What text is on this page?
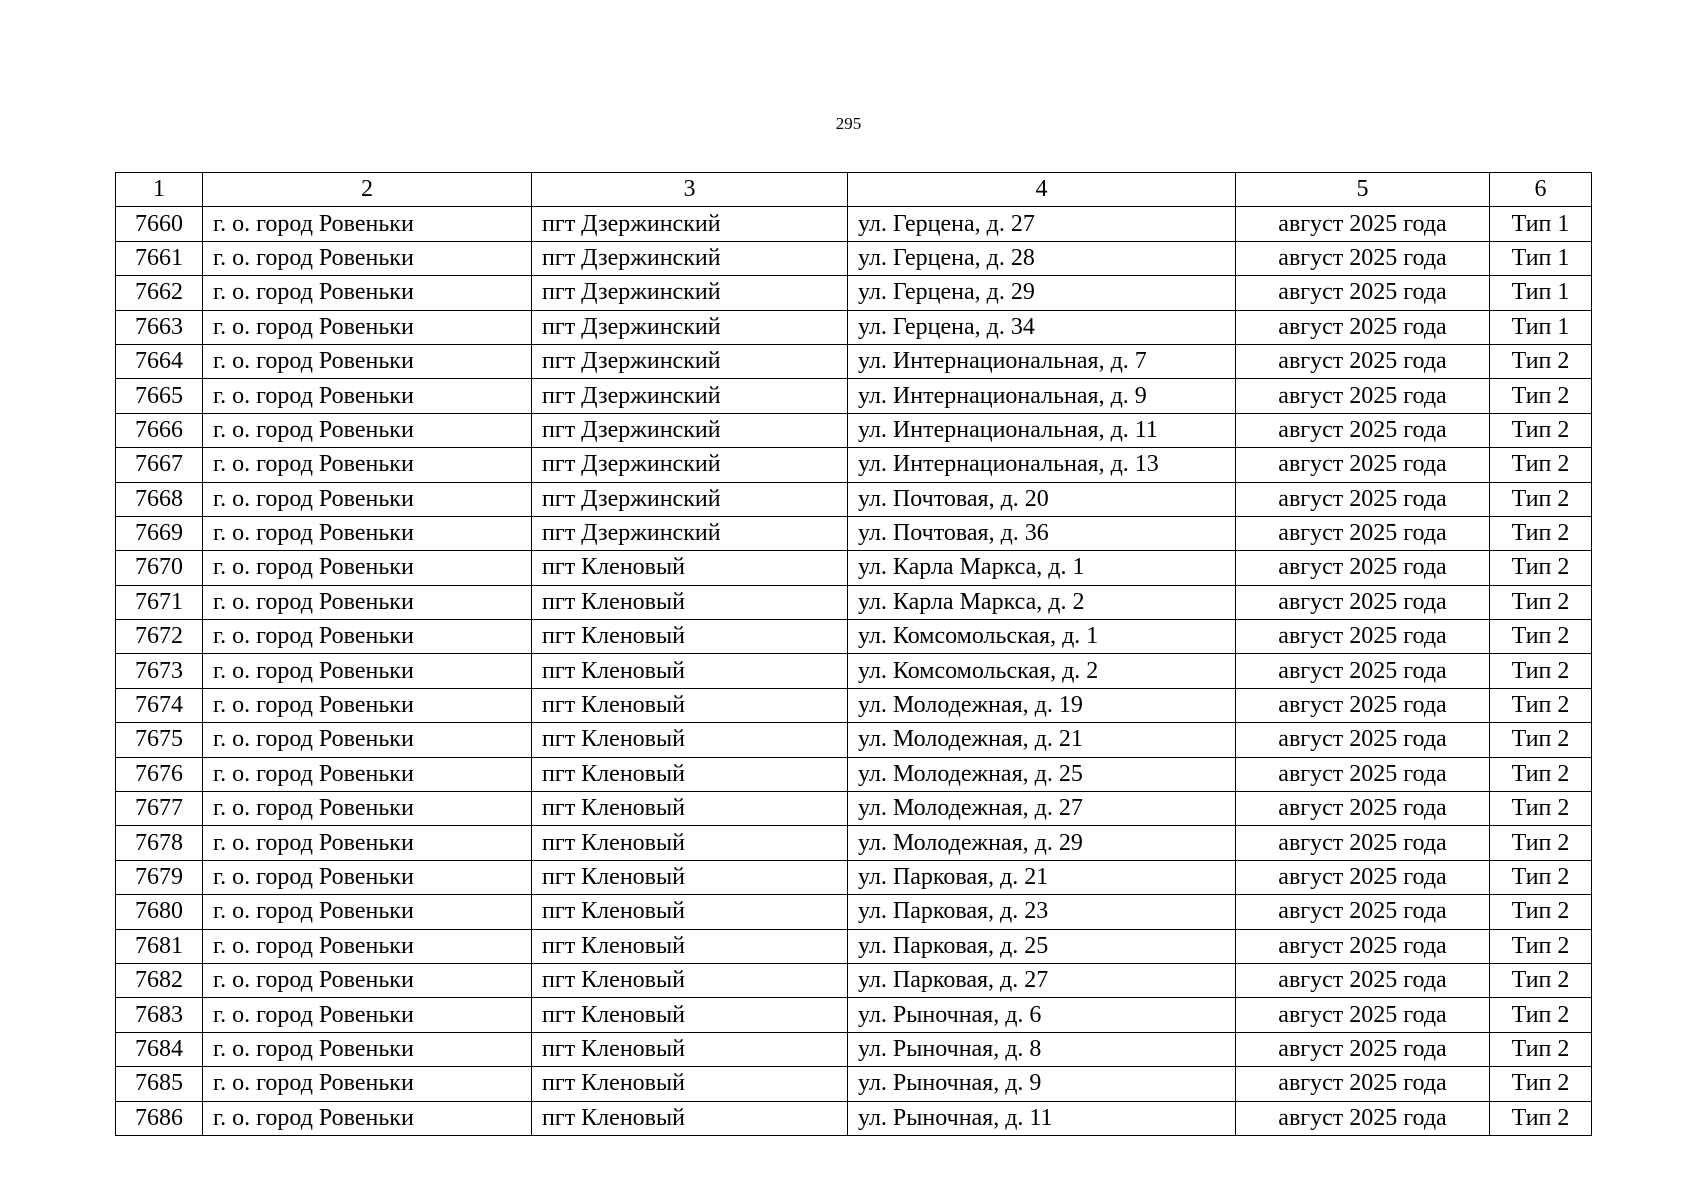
295
1	2	3	4	5	6
7660	г. о. город Ровеньки	пгт Дзержинский	ул. Герцена, д. 27	август 2025 года	Тип 1
7661	г. о. город Ровеньки	пгт Дзержинский	ул. Герцена, д. 28	август 2025 года	Тип 1
7662	г. о. город Ровеньки	пгт Дзержинский	ул. Герцена, д. 29	август 2025 года	Тип 1
7663	г. о. город Ровеньки	пгт Дзержинский	ул. Герцена, д. 34	август 2025 года	Тип 1
7664	г. о. город Ровеньки	пгт Дзержинский	ул. Интернациональная, д. 7	август 2025 года	Тип 2
7665	г. о. город Ровеньки	пгт Дзержинский	ул. Интернациональная, д. 9	август 2025 года	Тип 2
7666	г. о. город Ровеньки	пгт Дзержинский	ул. Интернациональная, д. 11	август 2025 года	Тип 2
7667	г. о. город Ровеньки	пгт Дзержинский	ул. Интернациональная, д. 13	август 2025 года	Тип 2
7668	г. о. город Ровеньки	пгт Дзержинский	ул. Почтовая, д. 20	август 2025 года	Тип 2
7669	г. о. город Ровеньки	пгт Дзержинский	ул. Почтовая, д. 36	август 2025 года	Тип 2
7670	г. о. город Ровеньки	пгт Кленовый	ул. Карла Маркса, д. 1	август 2025 года	Тип 2
7671	г. о. город Ровеньки	пгт Кленовый	ул. Карла Маркса, д. 2	август 2025 года	Тип 2
7672	г. о. город Ровеньки	пгт Кленовый	ул. Комсомольская, д. 1	август 2025 года	Тип 2
7673	г. о. город Ровеньки	пгт Кленовый	ул. Комсомольская, д. 2	август 2025 года	Тип 2
7674	г. о. город Ровеньки	пгт Кленовый	ул. Молодежная, д. 19	август 2025 года	Тип 2
7675	г. о. город Ровеньки	пгт Кленовый	ул. Молодежная, д. 21	август 2025 года	Тип 2
7676	г. о. город Ровеньки	пгт Кленовый	ул. Молодежная, д. 25	август 2025 года	Тип 2
7677	г. о. город Ровеньки	пгт Кленовый	ул. Молодежная, д. 27	август 2025 года	Тип 2
7678	г. о. город Ровеньки	пгт Кленовый	ул. Молодежная, д. 29	август 2025 года	Тип 2
7679	г. о. город Ровеньки	пгт Кленовый	ул. Парковая, д. 21	август 2025 года	Тип 2
7680	г. о. город Ровеньки	пгт Кленовый	ул. Парковая, д. 23	август 2025 года	Тип 2
7681	г. о. город Ровеньки	пгт Кленовый	ул. Парковая, д. 25	август 2025 года	Тип 2
7682	г. о. город Ровеньки	пгт Кленовый	ул. Парковая, д. 27	август 2025 года	Тип 2
7683	г. о. город Ровеньки	пгт Кленовый	ул. Рыночная, д. 6	август 2025 года	Тип 2
7684	г. о. город Ровеньки	пгт Кленовый	ул. Рыночная, д. 8	август 2025 года	Тип 2
7685	г. о. город Ровеньки	пгт Кленовый	ул. Рыночная, д. 9	август 2025 года	Тип 2
7686	г. о. город Ровеньки	пгт Кленовый	ул. Рыночная, д. 11	август 2025 года	Тип 2
